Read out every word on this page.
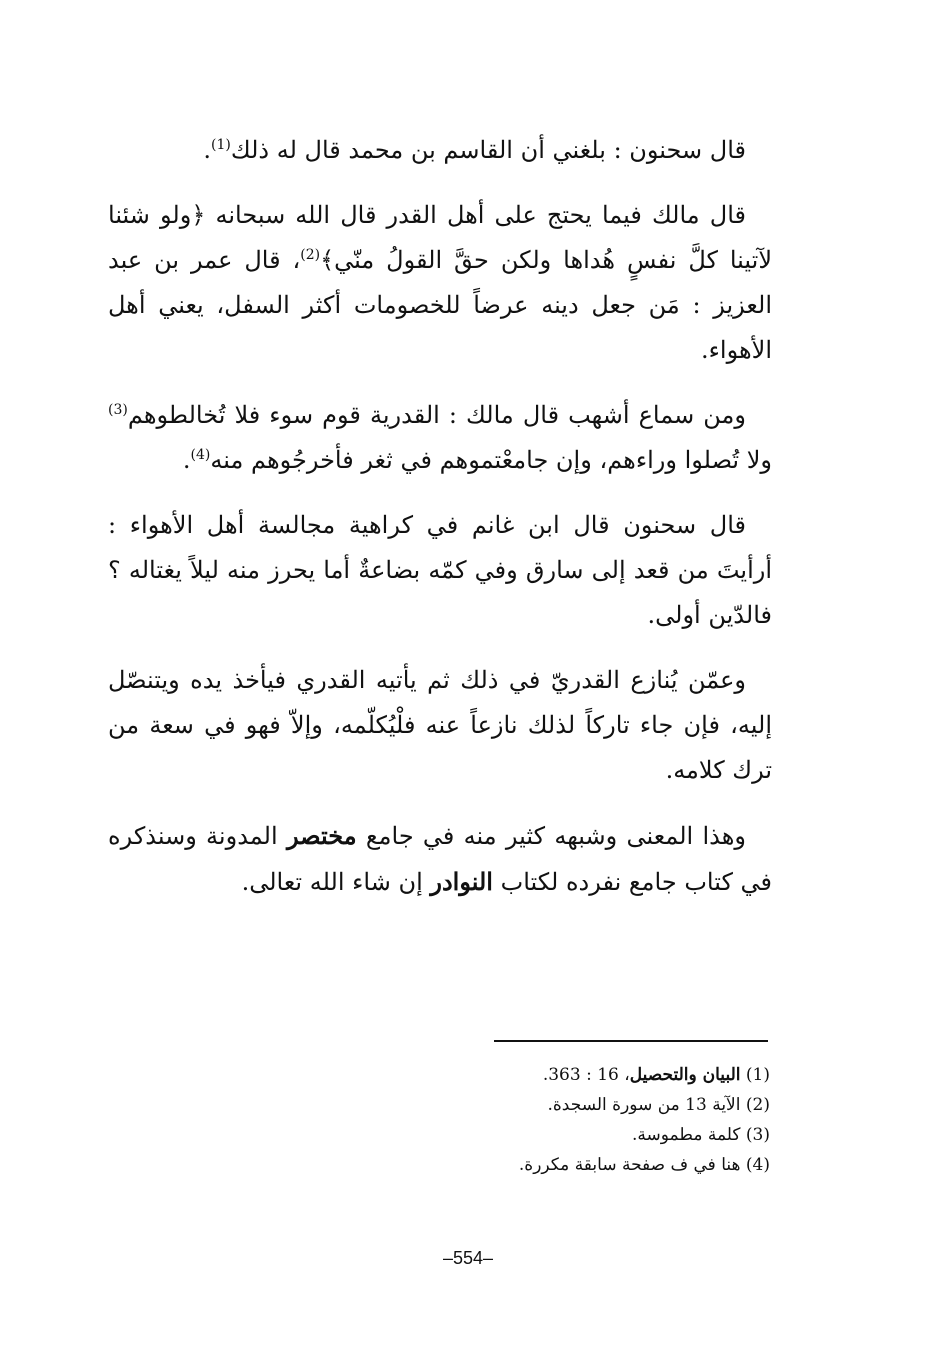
قال سحنون : بلغني أن القاسم بن محمد قال له ذلك$^{(1)}$.

قال مالك فيما يحتج على أهل القدر قال الله سبحانه ﴿ولو شئنا لآتينا كلَّ نفسٍ هُداها ولكن حقَّ القولُ منّي﴾$^{(2)}$، قال عمر بن عبد العزيز : مَن جعل دينه عرضاً للخصومات أكثر السفل، يعني أهل الأهواء.

ومن سماع أشهب قال مالك : القدرية قوم سوء فلا تُخالطوهم$^{(3)}$ ولا تُصلوا وراءهم، وإن جامعْتموهم في ثغر فأخرجُوهم منه$^{(4)}$.

قال سحنون قال ابن غانم في كراهية مجالسة أهل الأهواء : أرأيتَ من قعد إلى سارق وفي كمّه بضاعةٌ أما يحرز منه ليلاً يغتاله ؟ فالدّين أولى.

وعمّن يُنازع القدريّ في ذلك ثم يأتيه القدري فيأخذ يده ويتنصّل إليه، فإن جاء تاركاً لذلك نازعاً عنه فلْيُكلّمه، وإلاّ فهو في سعة من ترك كلامه.

وهذا المعنى وشبهه كثير منه في جامع مختصر المدونة وسنذكره في كتاب جامع نفرده لكتاب النوادر إن شاء الله تعالى.

(1) البيان والتحصيل، 16 : 363.
(2) الآية 13 من سورة السجدة.
(3) كلمة مطموسة.
(4) هنا في ف صفحة سابقة مكررة.
–554–
